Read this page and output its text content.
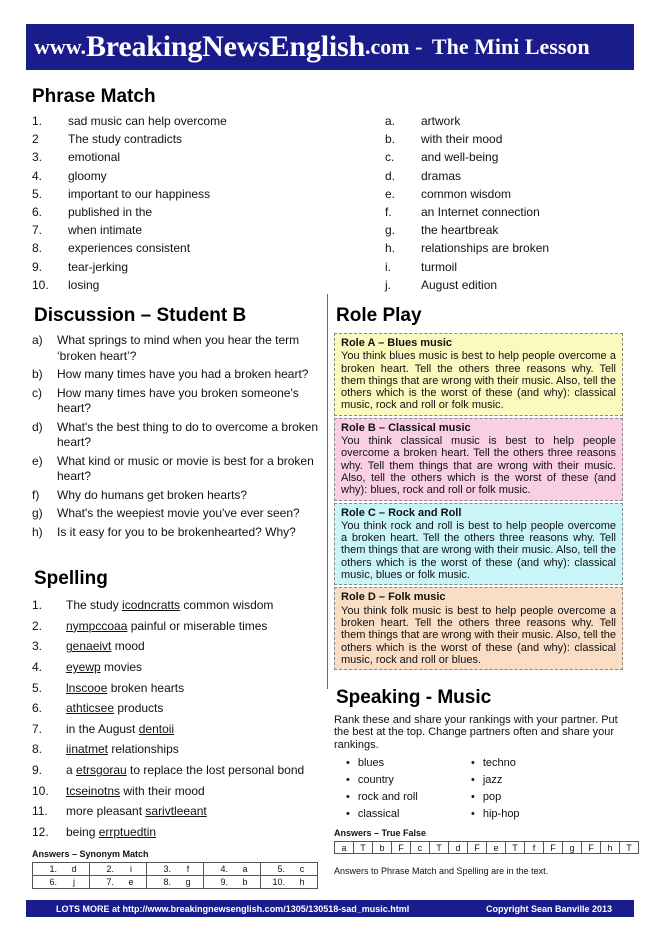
www. BreakingNewsEnglish .com - The Mini Lesson
Phrase Match
1.	sad music can help overcome
2	The study contradicts
3.	emotional
4.	gloomy
5.	important to our happiness
6.	published in the
7.	when intimate
8.	experiences consistent
9.	tear-jerking
10.	losing
a.	artwork
b.	with their mood
c.	and well-being
d.	dramas
e.	common wisdom
f.	an Internet connection
g.	the heartbreak
h.	relationships are broken
i.	turmoil
j.	August edition
Discussion – Student B
a)	What springs to mind when you hear the term ‘broken heart’?
b)	How many times have you had a broken heart?
c)	How many times have you broken someone's heart?
d)	What's the best thing to do to overcome a broken heart?
e)	What kind or music or movie is best for a broken heart?
f)	Why do humans get broken hearts?
g)	What's the weepiest movie you've ever seen?
h)	Is it easy for you to be brokenhearted? Why?
Role Play
Role A – Blues music
You think blues music is best to help people overcome a broken heart. Tell the others three reasons why. Tell them things that are wrong with their music. Also, tell the others which is the worst of these (and why): classical music, rock and roll or folk music.
Role B – Classical music
You think classical music is best to help people overcome a broken heart. Tell the others three reasons why. Tell them things that are wrong with their music. Also, tell the others which is the worst of these (and why): blues, rock and roll or folk music.
Role C – Rock and Roll
You think rock and roll is best to help people overcome a broken heart. Tell the others three reasons why. Tell them things that are wrong with their music. Also, tell the others which is the worst of these (and why): classical music, blues or folk music.
Role D – Folk music
You think folk music is best to help people overcome a broken heart. Tell the others three reasons why. Tell them things that are wrong with their music. Also, tell the others which is the worst of these (and why): classical music, rock and roll or blues.
Spelling
1.	The study icodncratts common wisdom
2.	nympccoaa painful or miserable times
3.	genaeivt mood
4.	eyewp movies
5.	lnscooe broken hearts
6.	athticsee products
7.	in the August dentoii
8.	iinatmet relationships
9.	a etrsgorau to replace the lost personal bond
10.	tcseinotns with their mood
11.	more pleasant sarivtleeant
12.	being errptuedtin
Answers – Synonym Match
1.	d	2.	i	3.	f	4.	a	5.	c
6.	j	7.	e	8.	g	9.	b	10.	h
Speaking - Music

Rank these and share your rankings with your partner. Put the best at the top. Change partners often and share your rankings.

• blues	• techno
• country	• jazz
• rock and roll	• pop
• classical	• hip-hop
Answers – True False
a	T	b	F	c	T	d	F	e	T	f	F	g	F	h	T
Answers to Phrase Match and Spelling are in the text.
LOTS MORE at http://www.breakingnewsenglish.com/1305/130518-sad_music.html	Copyright Sean Banville 2013
